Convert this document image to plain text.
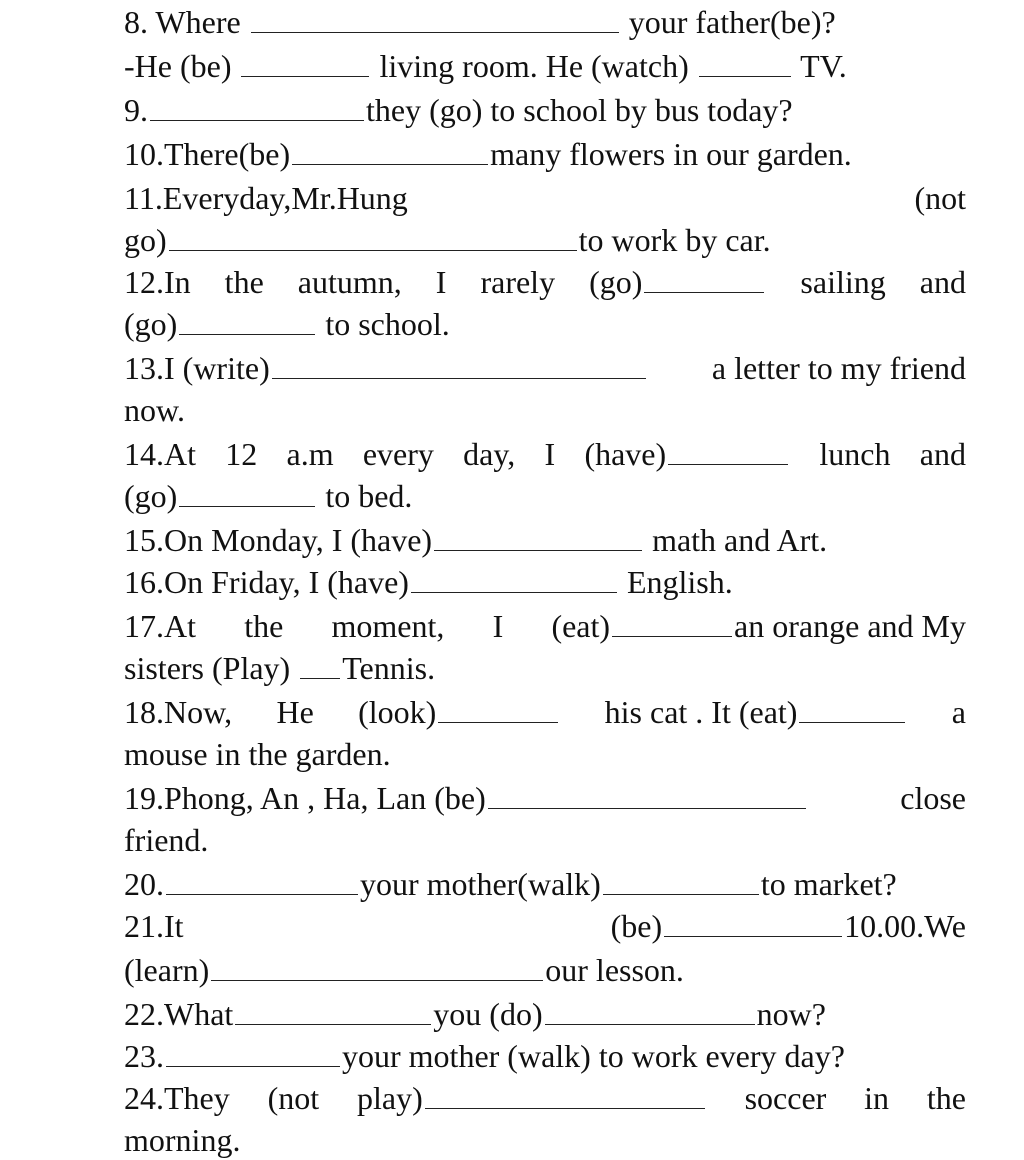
8. Where	your father(be)?
-He (be)	living room. He (watch)	TV.
9.	they (go) to school by bus today?
10.There(be)	many flowers in our garden.
11.Everyday,Mr.Hung	(not
go)	to work by car.
12.In the autumn, I rarely (go)	sailing and
(go)	to school.
13.I (write)	a letter to my friend
now.
14.At 12 a.m every day, I (have)	lunch and
(go)	to bed.
15.On Monday, I (have)	math and Art.
16.On Friday, I (have)	English.
17.At the moment, I (eat)	an orange and My
sisters (Play) Tennis.
18.Now, He (look)	his cat . It (eat)	a
mouse in the garden.
19.Phong, An , Ha, Lan (be)	close
friend.
20.	your mother(walk)	to market?
21.It	(be)	10.00.We
(learn)	our lesson.
22.What	you (do)	now?
23.	your mother (walk) to work every day?
24.They (not play)	soccer in the
morning.
